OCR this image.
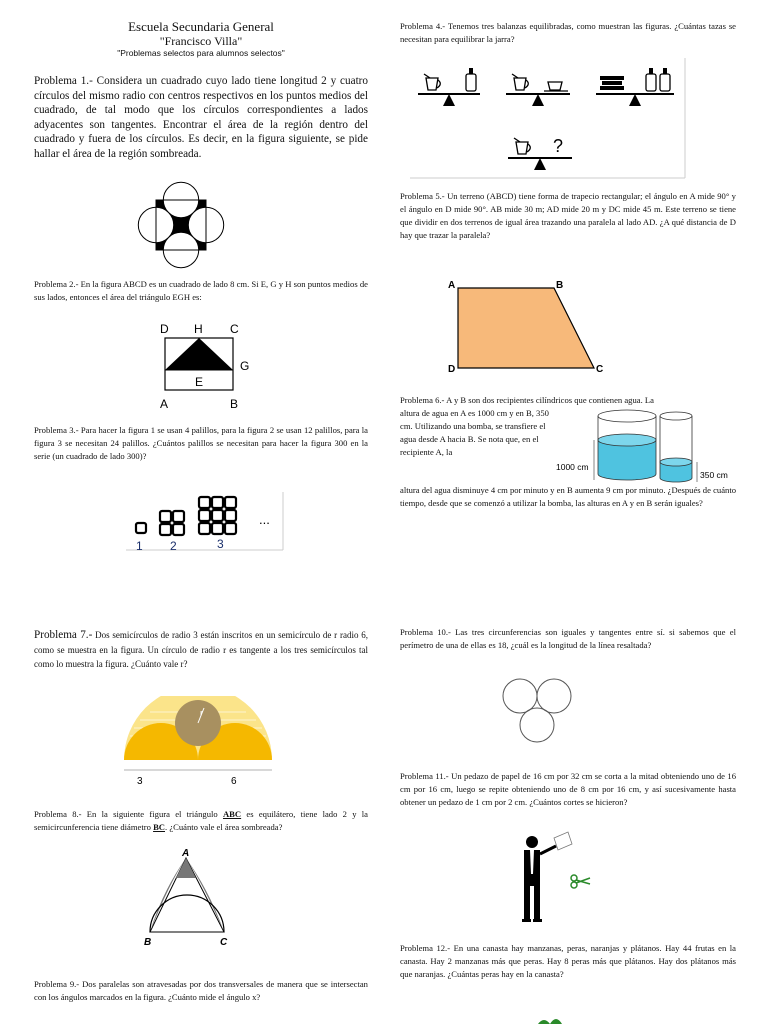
Escuela Secundaria General
"Francisco Villa"
"Problemas selectos para alumnos selectos"
Problema 1.- Considera un cuadrado cuyo lado tiene longitud 2 y cuatro círculos del mismo radio con centros respectivos en los puntos medios del cuadrado, de tal modo que los círculos correspondientes a lados adyacentes son tangentes. Encontrar el área de la región dentro del cuadrado y fuera de los círculos. Es decir, en la figura siguiente, se pide hallar el área de la región sombreada.
Problema 2.- En la figura ABCD es un cuadrado de lado 8 cm. Si E, G y H son puntos medios de sus lados, entonces el área del triángulo EGH es:
D H C
G
E
A	B
Problema 3.- Para hacer la figura 1 se usan 4 palillos, para la figura 2 se usan 12 palillos, para la figura 3 se necesitan 24 palillos. ¿Cuántos palillos se necesitan para hacer la figura 300 en la serie (un cuadrado de lado 300)?
1 2	3
...
Problema 7.- Dos semicírculos de radio 3 están inscritos en un semicírculo de r radio 6, como se muestra en la figura. Un círculo de radio r es tangente a los tres semicírculos tal como lo muestra la figura. ¿Cuánto vale r?
r
3	6
Problema 8.- En la siguiente figura el triángulo ABC es equilátero, tiene lado 2 y la semicircunferencia tiene diámetro BC. ¿Cuánto vale el área sombreada?
A
B	C
Problema 9.- Dos paralelas son atravesadas por dos transversales de manera que se intersectan con los ángulos marcados en la figura. ¿Cuánto mide el ángulo x?
Problema 4.- Tenemos tres balanzas equilibradas, como muestran las figuras. ¿Cuántas tazas se necesitan para equilibrar la jarra?
?
Problema 5.- Un terreno (ABCD) tiene forma de trapecio rectangular; el ángulo en A mide 90° y el ángulo en D mide 90°. AB mide 30 m; AD mide 20 m y DC mide 45 m. Este terreno se tiene que dividir en dos terrenos de igual área trazando una paralela al lado AD. ¿A qué distancia de D hay que trazar la paralela?
A	B
C
D
Problema 6.- A y B son dos recipientes cilíndricos que contienen agua. La
altura de agua en A es 1000 cm y en B, 350 cm. Utilizando una bomba, se transfiere el agua desde A hacia B. Se nota que, en el recipiente A, la
altura del agua disminuye 4 cm por minuto y en B aumenta 9 cm por minuto. ¿Después de cuánto tiempo, desde que se comenzó a utilizar la bomba, las alturas en A y en B serán iguales?
1000 cm
350 cm
Problema 10.- Las tres circunferencias son iguales y tangentes entre sí. si sabemos que el perímetro de una de ellas es 18, ¿cuál es la longitud de la línea resaltada?
Problema 11.- Un pedazo de papel de 16 cm por 32 cm se corta a la mitad obteniendo uno de 16 cm por 16 cm, luego se repite obteniendo uno de 8 cm por 16 cm, y así sucesivamente hasta obtener un pedazo de 1 cm por 2 cm. ¿Cuántos cortes se hicieron?
Problema 12.- En una canasta hay manzanas, peras, naranjas y plátanos. Hay 44 frutas en la canasta. Hay 2 manzanas más que peras. Hay 8 peras más que plátanos. Hay dos plátanos más que naranjas. ¿Cuántas peras hay en la canasta?
